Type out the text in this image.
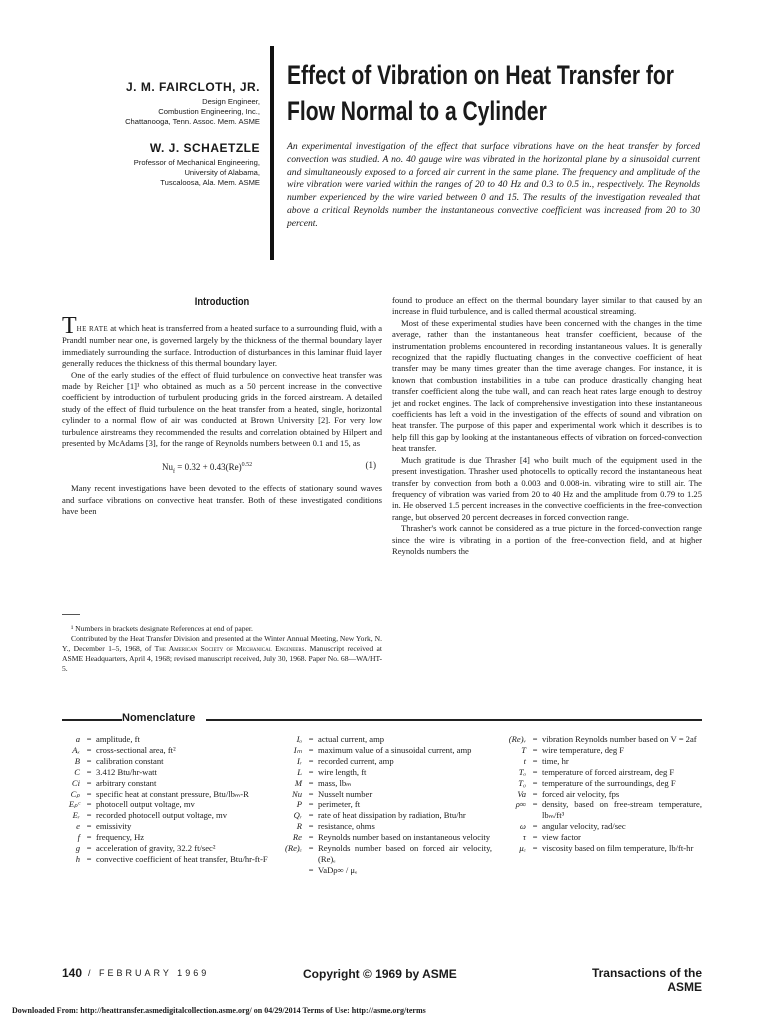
J. M. FAIRCLOTH, JR.
Design Engineer,
Combustion Engineering, Inc.,
Chattanooga, Tenn. Assoc. Mem. ASME
W. J. SCHAETZLE
Professor of Mechanical Engineering,
University of Alabama,
Tuscaloosa, Ala. Mem. ASME
Effect of Vibration on Heat Transfer for
Flow Normal to a Cylinder
An experimental investigation of the effect that surface vibrations have on the heat transfer by forced convection was studied. A no. 40 gauge wire was vibrated in the horizontal plane by a sinusoidal current and simultaneously exposed to a forced air current in the same plane. The frequency and amplitude of the wire vibration were varied within the ranges of 20 to 40 Hz and 0.3 to 0.5 in., respectively. The Reynolds number experienced by the wire varied between 0 and 15. The results of the investigation revealed that above a critical Reynolds number the instantaneous convective coefficient was increased from 20 to 30 percent.
Introduction

THE RATE at which heat is transferred from a heated surface to a surrounding fluid, with a Prandtl number near one, is governed largely by the thickness of the thermal boundary layer immediately surrounding the surface. Introduction of disturbances in this laminar fluid layer generally reduces the thickness of this thermal boundary layer.

One of the early studies of the effect of fluid turbulence on convective heat transfer was made by Reicher [1]¹ who obtained as much as a 50 percent increase in the convective coefficient by introduction of turbulent producing grids in the forced airstream. A detailed study of the effect of fluid turbulence on the heat transfer from a heated, single, horizontal cylinder to a normal flow of air was conducted at Brown University [2]. For very low turbulence airstreams they recommended the results and correlation obtained by Hilpert and presented by McAdams [3], for the range of Reynolds numbers between 0.1 and 15, as

$Nu_f = 0.32 + 0.43(Re)^{0.52}$	(1)

Many recent investigations have been devoted to the effects of stationary sound waves and surface vibrations on convective heat transfer. Both of these investigated conditions have been

¹ Numbers in brackets designate References at end of paper.

Contributed by the Heat Transfer Division and presented at the Winter Annual Meeting, New York, N. Y., December 1–5, 1968, of The American Society of Mechanical Engineers. Manuscript received at ASME Headquarters, April 4, 1968; revised manuscript received, July 30, 1968. Paper No. 68—WA/HT-5.

found to produce an effect on the thermal boundary layer similar to that caused by an increase in fluid turbulence, and is called thermal acoustical streaming.

Most of these experimental studies have been concerned with the changes in the time average, rather than the instantaneous heat transfer coefficient, because of the instrumentation problems encountered in recording instantaneous values. It is generally recognized that the rapidly fluctuating changes in the convective coefficient of heat transfer may be many times greater than the time average changes. For instance, it is known that combustion instabilities in a tube can produce drastically changing heat transfer coefficient along the tube wall, and can reach heat rates large enough to destroy jet and rocket engines. The lack of comprehensive investigation into these instantaneous coefficients has left a void in the investigation of the effects of sound and vibration on heat transfer. The purpose of this paper and experimental work which it describes is to help fill this gap by looking at the instantaneous effects of vibration on forced-convection heat transfer.

Much gratitude is due Thrasher [4] who built much of the equipment used in the present investigation. Thrasher used photocells to optically record the instantaneous heat transfer by convection from both a 0.003 and 0.008-in. vibrating wire to still air. The frequency of vibration was varied from 20 to 40 Hz and the amplitude from 0.79 to 1.25 in. He observed 1.5 percent increases in the convective coefficients in the free-convection range, but observed 20 percent decreases in forced convection range.

Thrasher's work cannot be considered as a true picture in the forced-convection range since the wire is vibrating in a portion of the free-convection field, and at higher Reynolds numbers the

Nomenclature
a = amplitude, ft
Aₓ = cross-sectional area, ft²
B = calibration constant
C = 3.412 Btu/hr-watt
Ci = arbitrary constant
Cₚ = specific heat at constant pressure, Btu/lbₘ-R
Eₚᶜ = photocell output voltage, mv
Eᵣ = recorded photocell output voltage, mv
e = emissivity
f = frequency, Hz
g = acceleration of gravity, 32.2 ft/sec²
h = convective coefficient of heat transfer, Btu/hr-ft-F
Iₐ = actual current, amp
Iₘ = maximum value of a sinusoidal current, amp
Iᵣ = recorded current, amp
L = wire length, ft
M = mass, lbₘ
Nu = Nusselt number
P = perimeter, ft
Qᵣ = rate of heat dissipation by radiation, Btu/hr
R = resistance, ohms
Re = Reynolds number based on instantaneous velocity
(Re)ₑ = Reynolds number based on forced air velocity, (Re)ₑ
= VaDρ∞ / μₑ
(Re)ᵥ = vibration Reynolds number based on V = 2af
T = wire temperature, deg F
t = time, hr
Tₐ = temperature of forced airstream, deg F
T₀ = temperature of the surroundings, deg F
Va = forced air velocity, fps
ρ∞ = density, based on free-stream temperature, lbₘ/ft³
ω = angular velocity, rad/sec
τ = view factor
μₑ = viscosity based on film temperature, lb/ft-hr
140 / FEBRUARY 1969	Copyright © 1969 by ASME	Transactions of the ASME
Downloaded From: http://heattransfer.asmedigitalcollection.asme.org/ on 04/29/2014 Terms of Use: http://asme.org/terms
